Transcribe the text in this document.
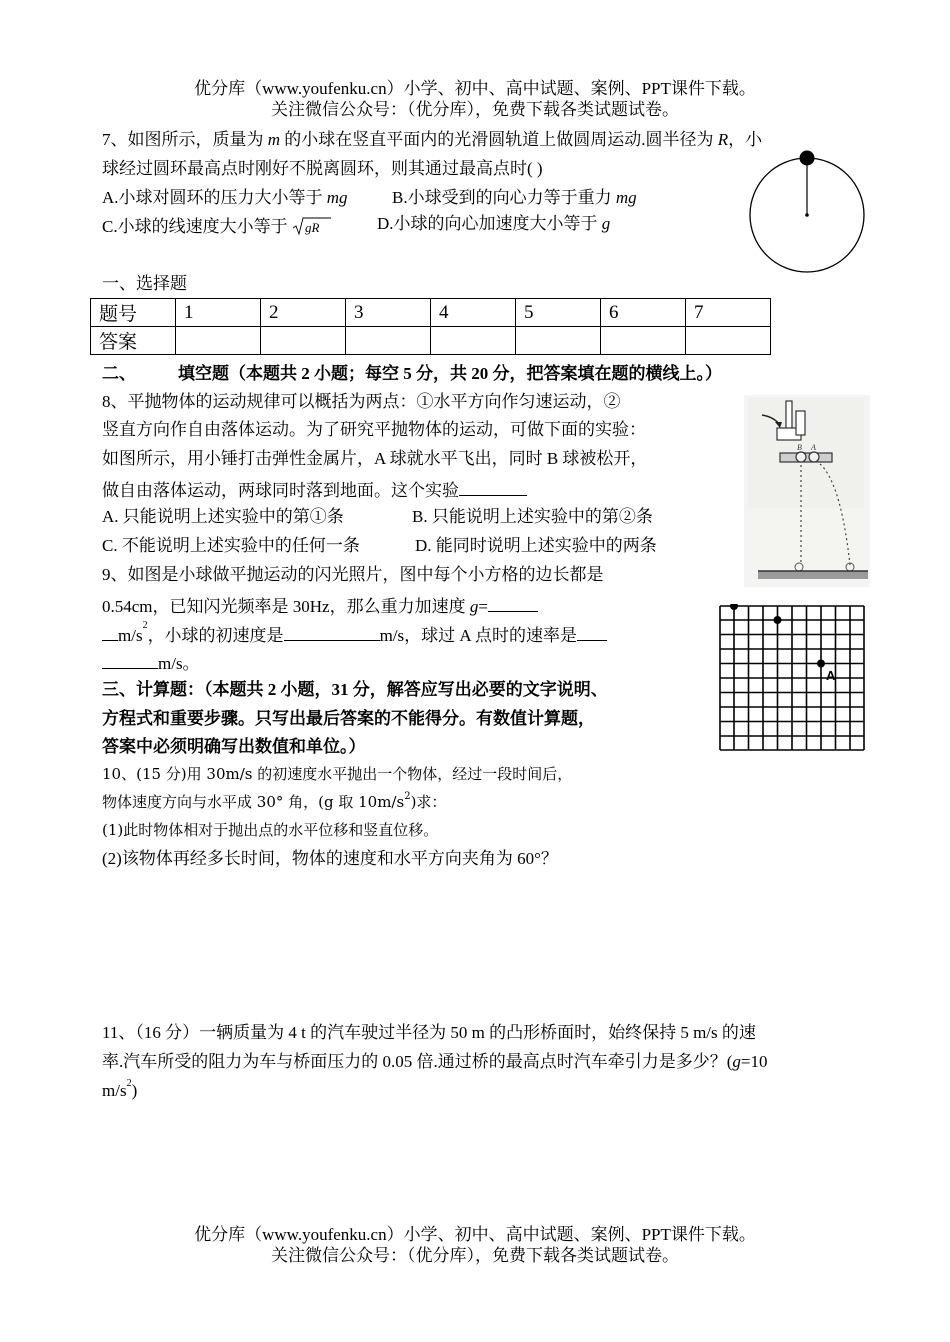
优分库（www.youfenku.cn）小学、初中、高中试题、案例、PPT课件下载。
关注微信公众号：（优分库），免费下载各类试题试卷。
7、如图所示，质量为 m 的小球在竖直平面内的光滑圆轨道上做圆周运动.圆半径为 R，小
球经过圆环最高点时刚好不脱离圆环，则其通过最高点时( )
A.小球对圆环的压力大小等于 mg	B.小球受到的向心力等于重力 mg
C.小球的线速度大小等于 gR	D.小球的向心加速度大小等于 g
一、选择题
题号	1	2	3	4	5	6	7
答案							
二、 填空题（本题共 2 小题；每空 5 分，共 20 分，把答案填在题的横线上。）
8、平抛物体的运动规律可以概括为两点：①水平方向作匀速运动，②
竖直方向作自由落体运动。为了研究平抛物体的运动，可做下面的实验：
如图所示，用小锤打击弹性金属片，A 球就水平飞出，同时 B 球被松开，
做自由落体运动，两球同时落到地面。这个实验
A. 只能说明上述实验中的第①条	B. 只能说明上述实验中的第②条
C. 不能说明上述实验中的任何一条	D. 能同时说明上述实验中的两条
B A
9、如图是小球做平抛运动的闪光照片，图中每个小方格的边长都是
0.54cm，已知闪光频率是 30Hz，那么重力加速度 g=
$m/s^2$，小球的初速度是	m/s，球过 A 点时的速率是
m/s。
A
三、计算题：（本题共 2 小题，31 分，解答应写出必要的文字说明、
方程式和重要步骤。只写出最后答案的不能得分。有数值计算题，
答案中必须明确写出数值和单位。）
10、(15 分)用 30m/s 的初速度水平抛出一个物体，经过一段时间后，
物体速度方向与水平成 30° 角，(g 取 $10m/s^2$)求：
(1)此时物体相对于抛出点的水平位移和竖直位移。
(2)该物体再经多长时间，物体的速度和水平方向夹角为 60°？
11、（16 分）一辆质量为 4 t 的汽车驶过半径为 50 m 的凸形桥面时，始终保持 5 m/s 的速
率.汽车所受的阻力为车与桥面压力的 0.05 倍.通过桥的最高点时汽车牵引力是多少？(g=10
$m/s^2$)
优分库（www.youfenku.cn）小学、初中、高中试题、案例、PPT课件下载。
关注微信公众号：（优分库），免费下载各类试题试卷。
